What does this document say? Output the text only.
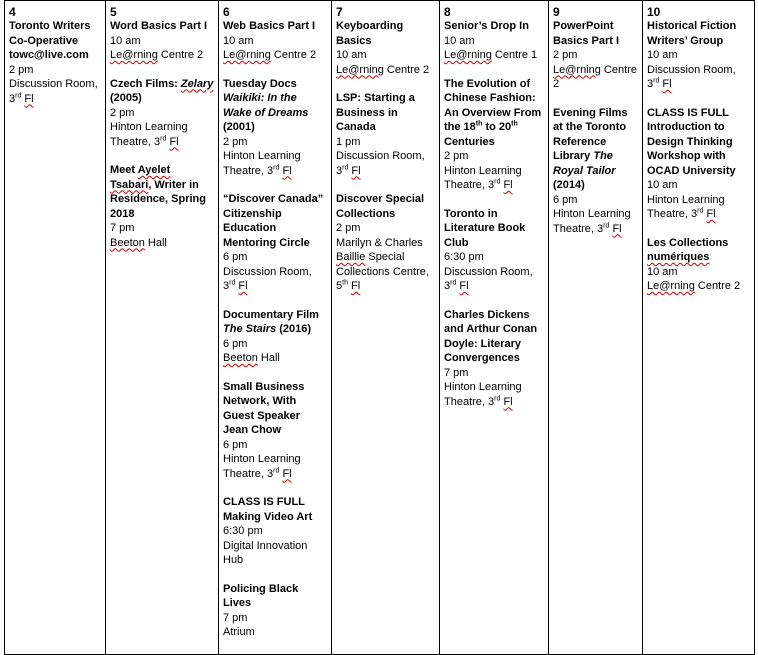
4
Toronto Writers Co-Operative towc@live.com
2 pm
Discussion Room, 3rd Fl

5
Word Basics Part I
10 am
Le@rning Centre 2
Czech Films: Zelary (2005)
2 pm
Hinton Learning Theatre, 3rd Fl
Meet Ayelet Tsabari, Writer in Residence, Spring 2018
7 pm
Beeton Hall

6
Web Basics Part I
10 am
Le@rning Centre 2
Tuesday Docs Waikiki: In the Wake of Dreams (2001)
2 pm
Hinton Learning Theatre, 3rd Fl
“Discover Canada” Citizenship Education Mentoring Circle
6 pm
Discussion Room, 3rd Fl
Documentary Film The Stairs (2016)
6 pm
Beeton Hall
Small Business Network, With Guest Speaker Jean Chow
6 pm
Hinton Learning Theatre, 3rd Fl
CLASS IS FULL Making Video Art
6:30 pm
Digital Innovation Hub
Policing Black Lives
7 pm
Atrium

7
Keyboarding Basics
10 am
Le@rning Centre 2
LSP: Starting a Business in Canada
1 pm
Discussion Room, 3rd Fl
Discover Special Collections
2 pm
Marilyn & Charles Baillie Special Collections Centre, 5th Fl

8
Senior’s Drop In
10 am
Le@rning Centre 1
The Evolution of Chinese Fashion: An Overview From the 18th to 20th Centuries
2 pm
Hinton Learning Theatre, 3rd Fl
Toronto in Literature Book Club
6:30 pm
Discussion Room, 3rd Fl
Charles Dickens and Arthur Conan Doyle: Literary Convergences
7 pm
Hinton Learning Theatre, 3rd Fl

9
PowerPoint Basics Part I
2 pm
Le@rning Centre 2
Evening Films at the Toronto Reference Library The Royal Tailor (2014)
6 pm
Hinton Learning Theatre, 3rd Fl

10
Historical Fiction Writers’ Group
10 am
Discussion Room, 3rd Fl
CLASS IS FULL Introduction to Design Thinking Workshop with OCAD University
10 am
Hinton Learning Theatre, 3rd Fl
Les Collections numériques
10 am
Le@rning Centre 2
